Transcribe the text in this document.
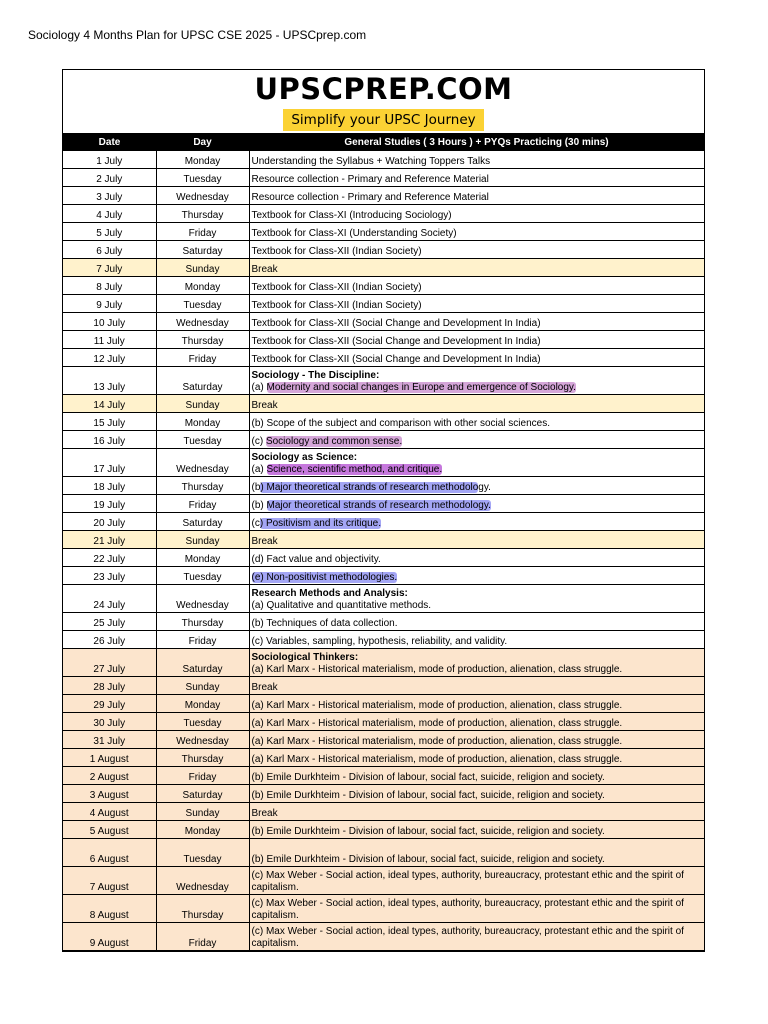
Sociology 4 Months Plan for UPSC CSE 2025 - UPSCprep.com
UPSCPREP.COM
Simplify your UPSC Journey
Date	Day	General Studies ( 3 Hours ) + PYQs Practicing (30 mins)
1 July	Monday	Understanding the Syllabus + Watching Toppers Talks
2 July	Tuesday	Resource collection - Primary and Reference Material
3 July	Wednesday	Resource collection - Primary and Reference Material
4 July	Thursday	Textbook for Class-XI (Introducing Sociology)
5 July	Friday	Textbook for Class-XI (Understanding Society)
6 July	Saturday	Textbook for Class-XII (Indian Society)
7 July	Sunday	Break
8 July	Monday	Textbook for Class-XII (Indian Society)
9 July	Tuesday	Textbook for Class-XII (Indian Society)
10 July	Wednesday	Textbook for Class-XII (Social Change and Development In India)
11 July	Thursday	Textbook for Class-XII (Social Change and Development In India)
12 July	Friday	Textbook for Class-XII (Social Change and Development In India)
13 July	Saturday	Sociology - The Discipline:
(a) Modernity and social changes in Europe and emergence of Sociology.
14 July	Sunday	Break
15 July	Monday	(b) Scope of the subject and comparison with other social sciences.
16 July	Tuesday	(c) Sociology and common sense.
17 July	Wednesday	Sociology as Science:
(a) Science, scientific method, and critique.
18 July	Thursday	(b) Major theoretical strands of research methodology.
19 July	Friday	(b) Major theoretical strands of research methodology.
20 July	Saturday	(c) Positivism and its critique.
21 July	Sunday	Break
22 July	Monday	(d) Fact value and objectivity.
23 July	Tuesday	(e) Non-positivist methodologies.
24 July	Wednesday	Research Methods and Analysis:
(a) Qualitative and quantitative methods.
25 July	Thursday	(b) Techniques of data collection.
26 July	Friday	(c) Variables, sampling, hypothesis, reliability, and validity.
27 July	Saturday	Sociological Thinkers:
(a) Karl Marx - Historical materialism, mode of production, alienation, class struggle.
28 July	Sunday	Break
29 July	Monday	(a) Karl Marx - Historical materialism, mode of production, alienation, class struggle.
30 July	Tuesday	(a) Karl Marx - Historical materialism, mode of production, alienation, class struggle.
31 July	Wednesday	(a) Karl Marx - Historical materialism, mode of production, alienation, class struggle.
1 August	Thursday	(a) Karl Marx - Historical materialism, mode of production, alienation, class struggle.
2 August	Friday	(b) Emile Durkhteim - Division of labour, social fact, suicide, religion and society.
3 August	Saturday	(b) Emile Durkhteim - Division of labour, social fact, suicide, religion and society.
4 August	Sunday	Break
5 August	Monday	(b) Emile Durkhteim - Division of labour, social fact, suicide, religion and society.
6 August	Tuesday	(b) Emile Durkhteim - Division of labour, social fact, suicide, religion and society.
7 August	Wednesday	(c) Max Weber - Social action, ideal types, authority, bureaucracy, protestant ethic and the spirit of capitalism.
8 August	Thursday	(c) Max Weber - Social action, ideal types, authority, bureaucracy, protestant ethic and the spirit of capitalism.
9 August	Friday	(c) Max Weber - Social action, ideal types, authority, bureaucracy, protestant ethic and the spirit of capitalism.
